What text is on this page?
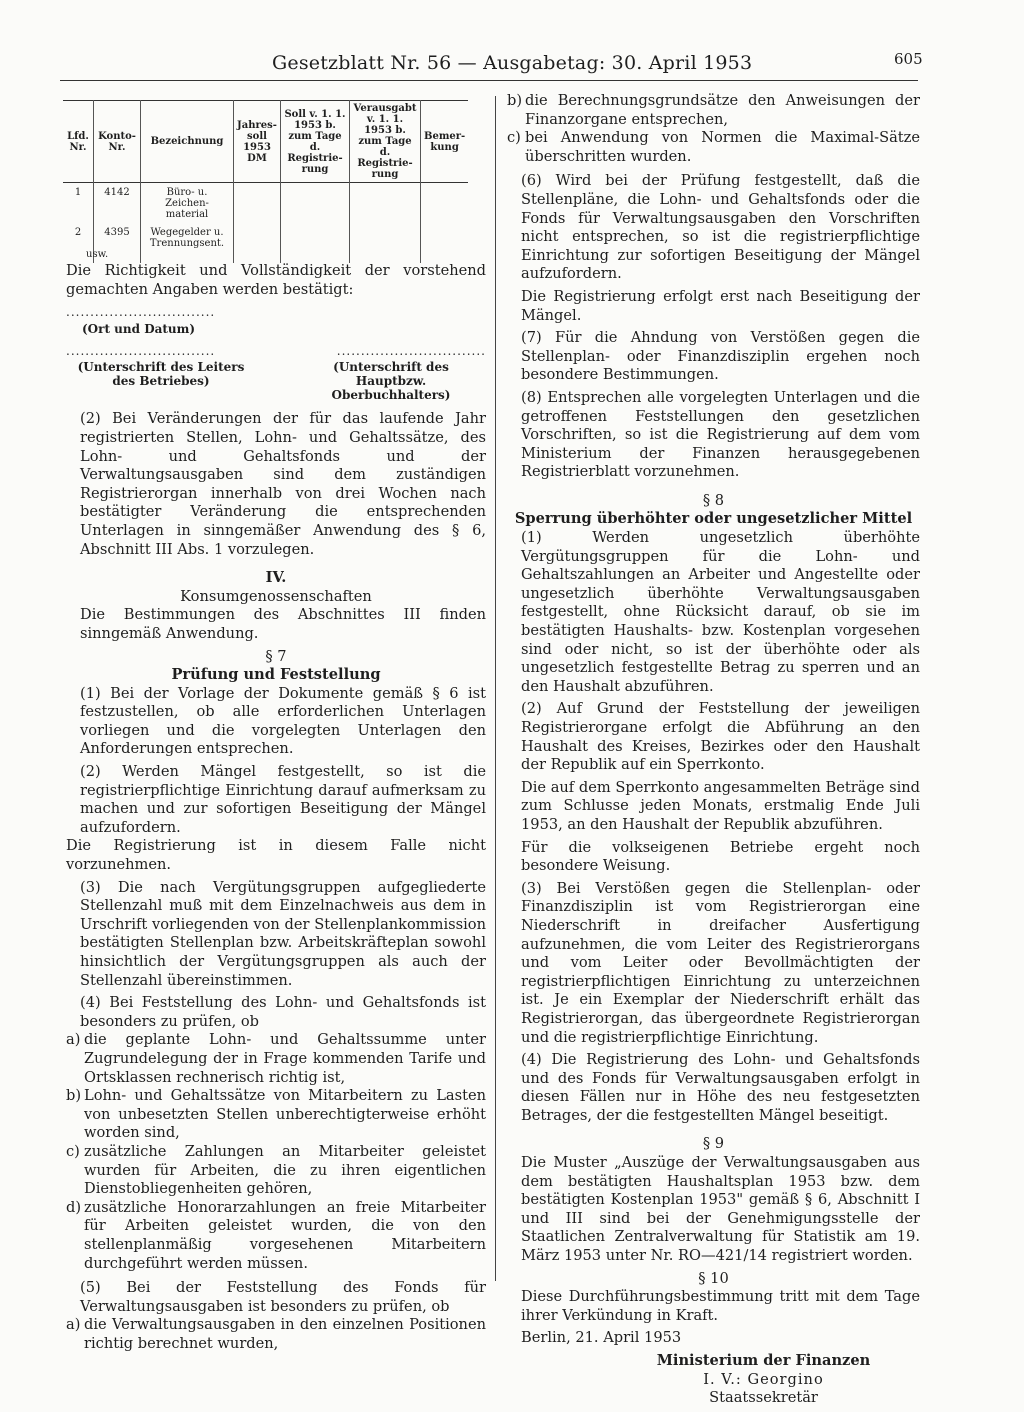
Gesetzblatt Nr. 56 — Ausgabetag: 30. April 1953	605
Lfd. Nr.	Konto-Nr.	Bezeichnung	Jahres-soll 1953 DM	Soll v. 1. 1. 1953 b. zum Tage d. Registrie-rung	Verausgabt v. 1. 1. 1953 b. zum Tage d. Registrie-rung	Bemer-kung
1	4142	Büro- u. Zeichen-material				
2	4395	Wegegelder u. Trennungsent.				
usw.

Die Richtigkeit und Vollständigkeit der vorstehend gemachten Angaben werden bestätigt:

...............................
(Ort und Datum)
...............................	...............................
(Unterschrift des Leiters des Betriebes)
(Unterschrift des Hauptbzw. Oberbuchhalters)

(2) Bei Veränderungen der für das laufende Jahr registrierten Stellen, Lohn- und Gehaltssätze, des Lohn- und Gehaltsfonds und der Verwaltungsausgaben sind dem zuständigen Registrierorgan innerhalb von drei Wochen nach bestätigter Veränderung die entsprechenden Unterlagen in sinngemäßer Anwendung des § 6, Abschnitt III Abs. 1 vorzulegen.

IV.
Konsumgenossenschaften

Die Bestimmungen des Abschnittes III finden sinngemäß Anwendung.

§ 7
Prüfung und Feststellung

(1) Bei der Vorlage der Dokumente gemäß § 6 ist festzustellen, ob alle erforderlichen Unterlagen vorliegen und die vorgelegten Unterlagen den Anforderungen entsprechen.

(2) Werden Mängel festgestellt, so ist die registrierpflichtige Einrichtung darauf aufmerksam zu machen und zur sofortigen Beseitigung der Mängel aufzufordern.

Die Registrierung ist in diesem Falle nicht vorzunehmen.

(3) Die nach Vergütungsgruppen aufgegliederte Stellenzahl muß mit dem Einzelnachweis aus dem in Urschrift vorliegenden von der Stellenplankommission bestätigten Stellenplan bzw. Arbeitskräfteplan sowohl hinsichtlich der Vergütungsgruppen als auch der Stellenzahl übereinstimmen.

(4) Bei Feststellung des Lohn- und Gehaltsfonds ist besonders zu prüfen, ob

a) die geplante Lohn- und Gehaltssumme unter Zugrundelegung der in Frage kommenden Tarife und Ortsklassen rechnerisch richtig ist,
b) Lohn- und Gehaltssätze von Mitarbeitern zu Lasten von unbesetzten Stellen unberechtigterweise erhöht worden sind,
c) zusätzliche Zahlungen an Mitarbeiter geleistet wurden für Arbeiten, die zu ihren eigentlichen Dienstobliegenheiten gehören,
d) zusätzliche Honorarzahlungen an freie Mitarbeiter für Arbeiten geleistet wurden, die von den stellenplanmäßig vorgesehenen Mitarbeitern durchgeführt werden müssen.

(5) Bei der Feststellung des Fonds für Verwaltungsausgaben ist besonders zu prüfen, ob

a) die Verwaltungsausgaben in den einzelnen Positionen richtig berechnet wurden,
b) die Berechnungsgrundsätze den Anweisungen der Finanzorgane entsprechen,
c) bei Anwendung von Normen die Maximal-Sätze überschritten wurden.

(6) Wird bei der Prüfung festgestellt, daß die Stellenpläne, die Lohn- und Gehaltsfonds oder die Fonds für Verwaltungsausgaben den Vorschriften nicht entsprechen, so ist die registrierpflichtige Einrichtung zur sofortigen Beseitigung der Mängel aufzufordern.

Die Registrierung erfolgt erst nach Beseitigung der Mängel.

(7) Für die Ahndung von Verstößen gegen die Stellenplan- oder Finanzdisziplin ergehen noch besondere Bestimmungen.

(8) Entsprechen alle vorgelegten Unterlagen und die getroffenen Feststellungen den gesetzlichen Vorschriften, so ist die Registrierung auf dem vom Ministerium der Finanzen herausgegebenen Registrierblatt vorzunehmen.

§ 8
Sperrung überhöhter oder ungesetzlicher Mittel

(1) Werden ungesetzlich überhöhte Vergütungsgruppen für die Lohn- und Gehaltszahlungen an Arbeiter und Angestellte oder ungesetzlich überhöhte Verwaltungsausgaben festgestellt, ohne Rücksicht darauf, ob sie im bestätigten Haushalts- bzw. Kostenplan vorgesehen sind oder nicht, so ist der überhöhte oder als ungesetzlich festgestellte Betrag zu sperren und an den Haushalt abzuführen.

(2) Auf Grund der Feststellung der jeweiligen Registrierorgane erfolgt die Abführung an den Haushalt des Kreises, Bezirkes oder den Haushalt der Republik auf ein Sperrkonto.

Die auf dem Sperrkonto angesammelten Beträge sind zum Schlusse jeden Monats, erstmalig Ende Juli 1953, an den Haushalt der Republik abzuführen.

Für die volkseigenen Betriebe ergeht noch besondere Weisung.

(3) Bei Verstößen gegen die Stellenplan- oder Finanzdisziplin ist vom Registrierorgan eine Niederschrift in dreifacher Ausfertigung aufzunehmen, die vom Leiter des Registrierorgans und vom Leiter oder Bevollmächtigten der registrierpflichtigen Einrichtung zu unterzeichnen ist. Je ein Exemplar der Niederschrift erhält das Registrierorgan, das übergeordnete Registrierorgan und die registrierpflichtige Einrichtung.

(4) Die Registrierung des Lohn- und Gehaltsfonds und des Fonds für Verwaltungsausgaben erfolgt in diesen Fällen nur in Höhe des neu festgesetzten Betrages, der die festgestellten Mängel beseitigt.

§ 9

Die Muster „Auszüge der Verwaltungsausgaben aus dem bestätigten Haushaltsplan 1953 bzw. dem bestätigten Kostenplan 1953" gemäß § 6, Abschnitt I und III sind bei der Genehmigungsstelle der Staatlichen Zentralverwaltung für Statistik am 19. März 1953 unter Nr. RO—421/14 registriert worden.

§ 10

Diese Durchführungsbestimmung tritt mit dem Tage ihrer Verkündung in Kraft.

Berlin, 21. April 1953

Ministerium der Finanzen
I. V.: Georgino
Staatssekretär
